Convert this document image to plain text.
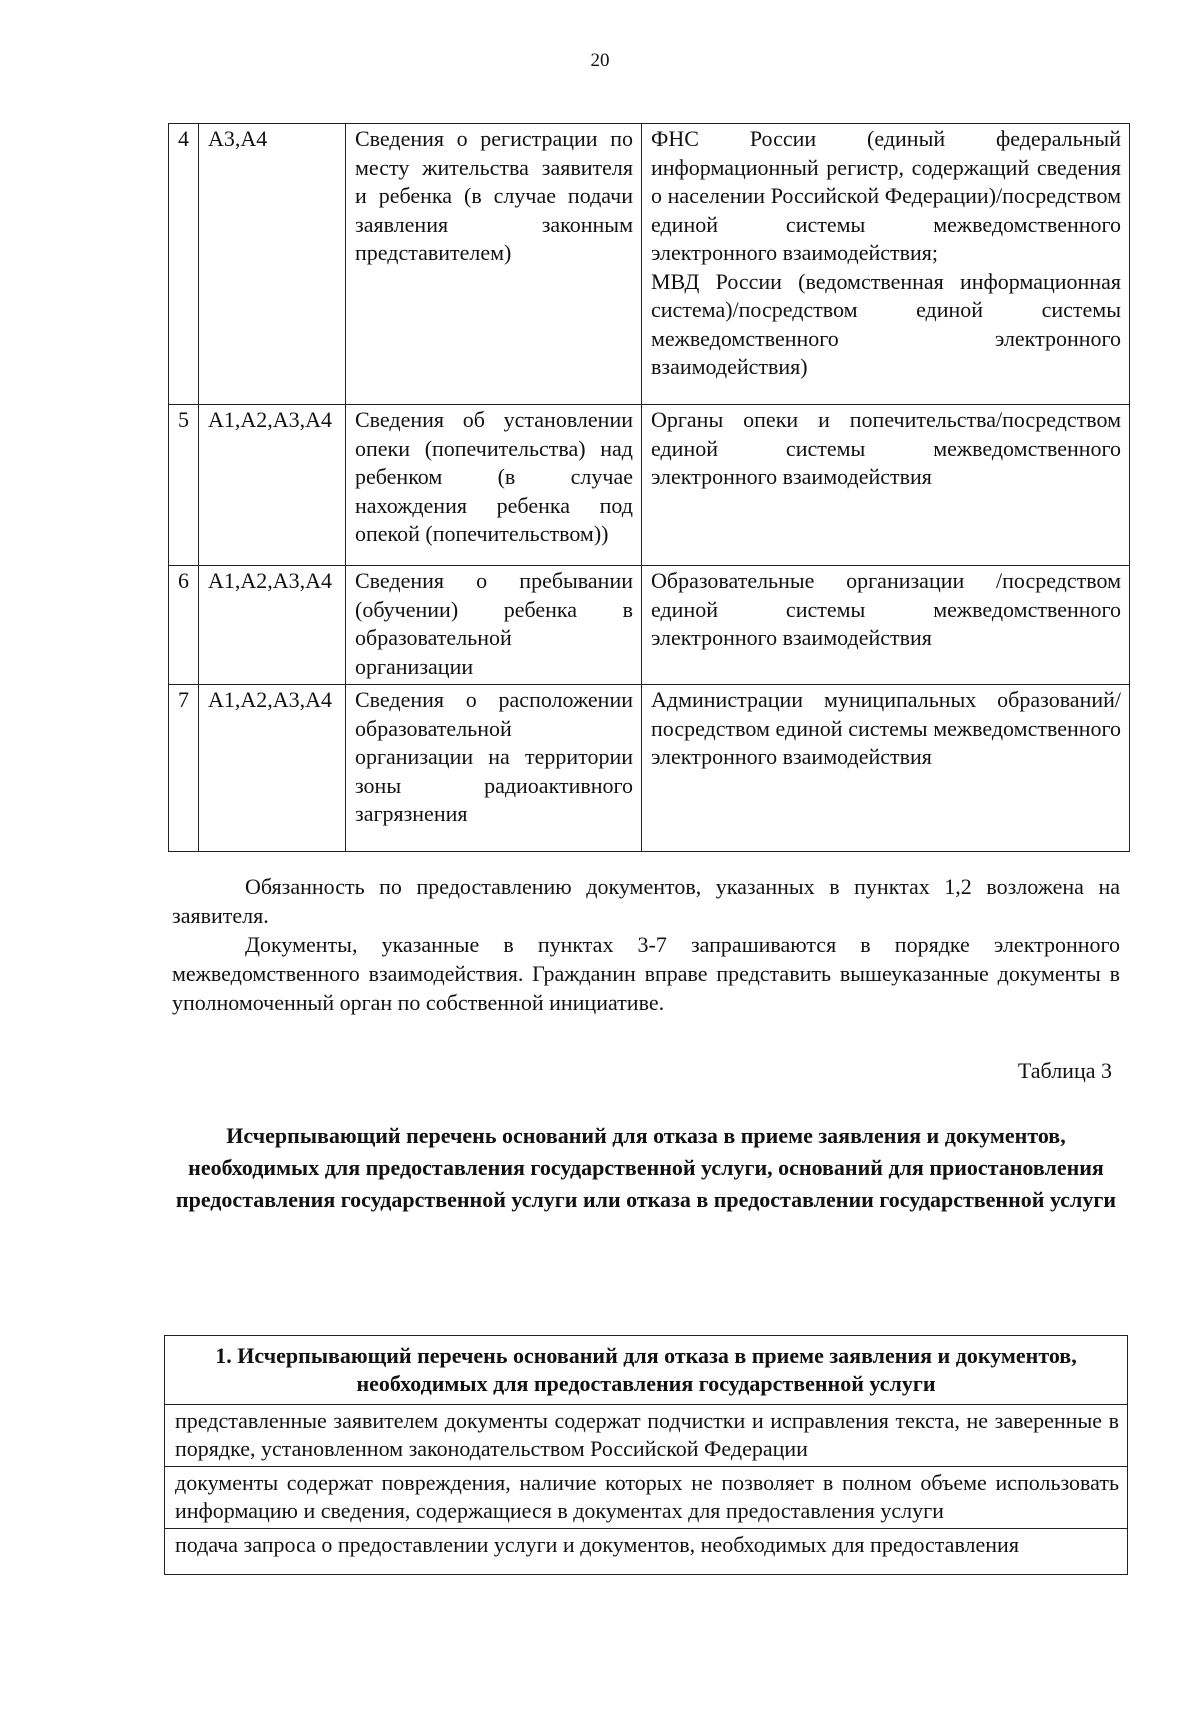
20
4	А3,А4	Сведения о регистрации по месту жительства заявителя и ребенка (в случае подачи заявления законным представителем)	ФНС России (единый федеральный информационный регистр, содержащий сведения о населении Российской Федерации)/посредством единой системы межведомственного электронного взаимодействия;
МВД России (ведомственная информационная система)/посредством единой системы межведомственного электронного взаимодействия)

5	А1,А2,А3,А4	Сведения об установлении опеки (попечительства) над ребенком (в случае нахождения ребенка под опекой (попечительством))	Органы опеки и попечительства/посредством единой системы межведомственного электронного взаимодействия
6	А1,А2,А3,А4	Сведения о пребывании (обучении) ребенка в образовательной организации	Образовательные организации /посредством единой системы межведомственного электронного взаимодействия
7	А1,А2,А3,А4	Сведения о расположении образовательной организации на территории зоны радиоактивного загрязнения	Администрации муниципальных образований/посредством единой системы межведомственного электронного взаимодействия
Обязанность по предоставлению документов, указанных в пунктах 1,2 возложена на заявителя.
Документы, указанные в пунктах 3-7 запрашиваются в порядке электронного межведомственного взаимодействия. Гражданин вправе представить вышеуказанные документы в уполномоченный орган по собственной инициативе.
Таблица 3
Исчерпывающий перечень оснований для отказа в приеме заявления и документов, необходимых для предоставления государственной услуги, оснований для приостановления предоставления государственной услуги или отказа в предоставлении государственной услуги
1. Исчерпывающий перечень оснований для отказа в приеме заявления и документов, необходимых для предоставления государственной услуги
представленные заявителем документы содержат подчистки и исправления текста, не заверенные в порядке, установленном законодательством Российской Федерации
документы содержат повреждения, наличие которых не позволяет в полном объеме использовать информацию и сведения, содержащиеся в документах для предоставления услуги
подача запроса о предоставлении услуги и документов, необходимых для предоставления
